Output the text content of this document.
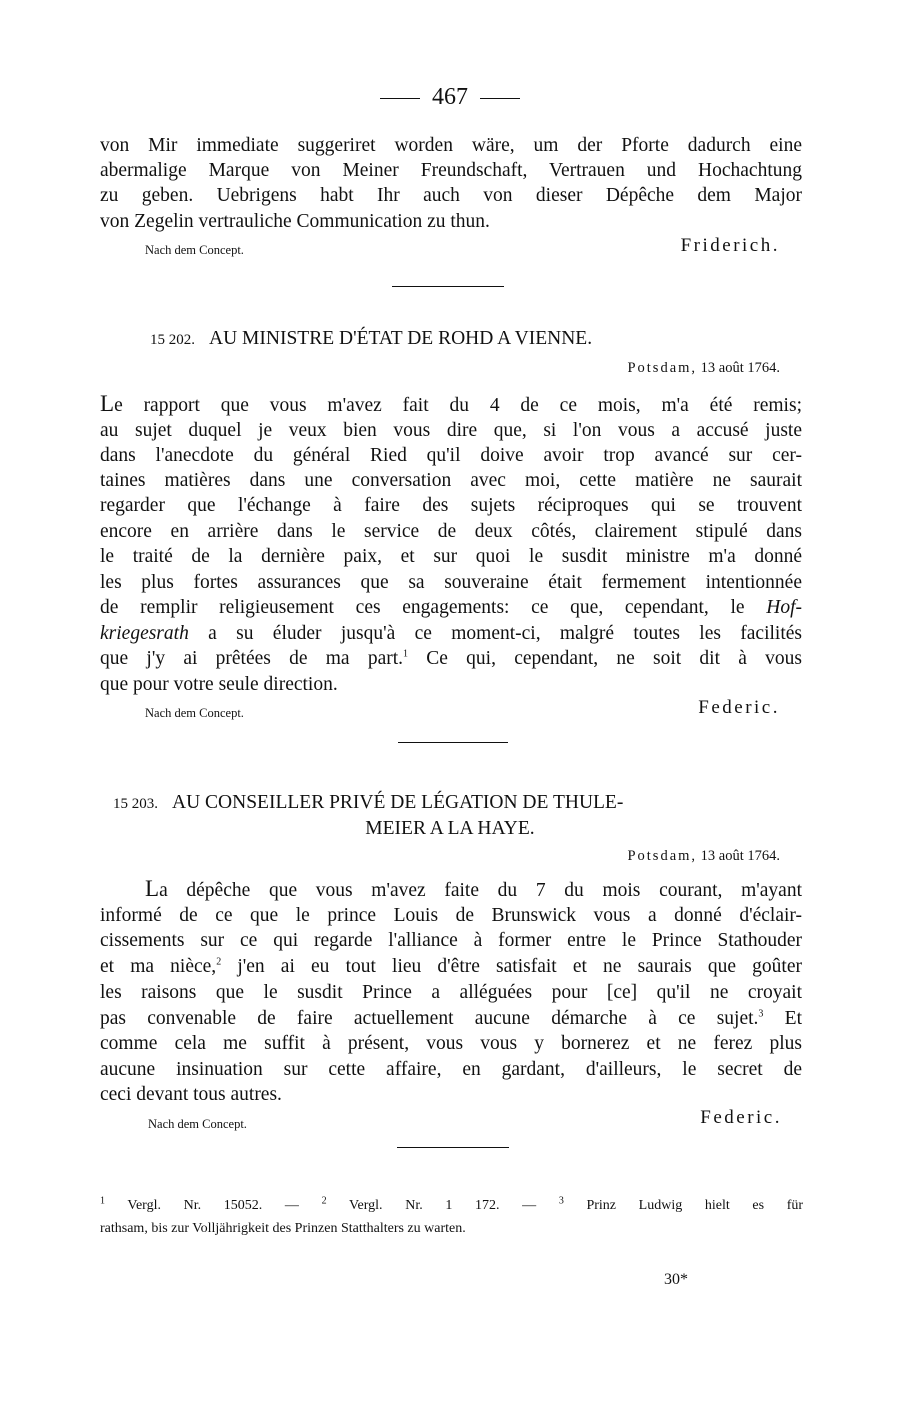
467
von Mir immediate suggeriret worden wäre, um der Pforte dadurch eine
abermalige Marque von Meiner Freundschaft, Vertrauen und Hochachtung
zu geben. Uebrigens habt Ihr auch von dieser Dépêche dem Major
von Zegelin vertrauliche Communication zu thun.
Nach dem Concept.	Friderich.
15 202. AU MINISTRE D'ÉTAT DE ROHD A VIENNE.
Potsdam, 13 août 1764.
Le rapport que vous m'avez fait du 4 de ce mois, m'a été remis;
au sujet duquel je veux bien vous dire que, si l'on vous a accusé juste
dans l'anecdote du général Ried qu'il doive avoir trop avancé sur cer-
taines matières dans une conversation avec moi, cette matière ne saurait
regarder que l'échange à faire des sujets réciproques qui se trouvent
encore en arrière dans le service de deux côtés, clairement stipulé dans
le traité de la dernière paix, et sur quoi le susdit ministre m'a donné
les plus fortes assurances que sa souveraine était fermement intentionnée
de remplir religieusement ces engagements: ce que, cependant, le Hof-
kriegesrath a su éluder jusqu'à ce moment-ci, malgré toutes les facilités
que j'y ai prêtées de ma part.$^1$ Ce qui, cependant, ne soit dit à vous
que pour votre seule direction.
Nach dem Concept.	Federic.
15 203. AU CONSEILLER PRIVÉ DE LÉGATION DE THULE-
MEIER A LA HAYE.
Potsdam, 13 août 1764.
La dépêche que vous m'avez faite du 7 du mois courant, m'ayant
informé de ce que le prince Louis de Brunswick vous a donné d'éclair-
cissements sur ce qui regarde l'alliance à former entre le Prince Stathouder
et ma nièce,$^2$ j'en ai eu tout lieu d'être satisfait et ne saurais que goûter
les raisons que le susdit Prince a alléguées pour [ce] qu'il ne croyait
pas convenable de faire actuellement aucune démarche à ce sujet.$^3$ Et
comme cela me suffit à présent, vous vous y bornerez et ne ferez plus
aucune insinuation sur cette affaire, en gardant, d'ailleurs, le secret de
ceci devant tous autres.
Nach dem Concept.	Federic.
$^1$ Vergl. Nr. 15052. — $^2$ Vergl. Nr. 1 172. — $^3$ Prinz Ludwig hielt es für
rathsam, bis zur Volljährigkeit des Prinzen Statthalters zu warten.
30*
